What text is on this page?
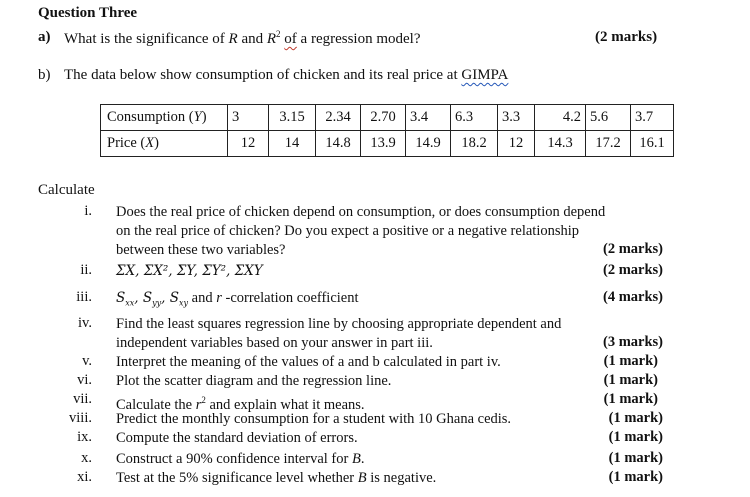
Question Three
a) What is the significance of R and $R^2$ of a regression model?	(2 marks)
b) The data below show consumption of chicken and its real price at GIMPA
Consumption (Y)	3	3.15	2.34	2.70	3.4	6.3	3.3	4.2	5.6	3.7
Price (X)	12	14	14.8	13.9	14.9	18.2	12	14.3	17.2	16.1
Calculate
i. Does the real price of chicken depend on consumption, or does consumption depend
on the real price of chicken? Do you expect a positive or a negative relationship
between these two variables?	(2 marks)
ii. ΣX, ΣX², ΣY, ΣY², ΣXY	(2 marks)
iii. $S_{xx}$, $S_{yy}$, $S_{xy}$ and r -correlation coefficient	(4 marks)
iv. Find the least squares regression line by choosing appropriate dependent and
independent variables based on your answer in part iii.	(3 marks)
v. Interpret the meaning of the values of a and b calculated in part iv.	(1 mark)
vi. Plot the scatter diagram and the regression line.	(1 mark)
vii. Calculate the $r^2$ and explain what it means.	(1 mark)
viii. Predict the monthly consumption for a student with 10 Ghana cedis.	(1 mark)
ix. Compute the standard deviation of errors.	(1 mark)
x. Construct a 90% confidence interval for B.	(1 mark)
xi. Test at the 5% significance level whether B is negative.	(1 mark)
